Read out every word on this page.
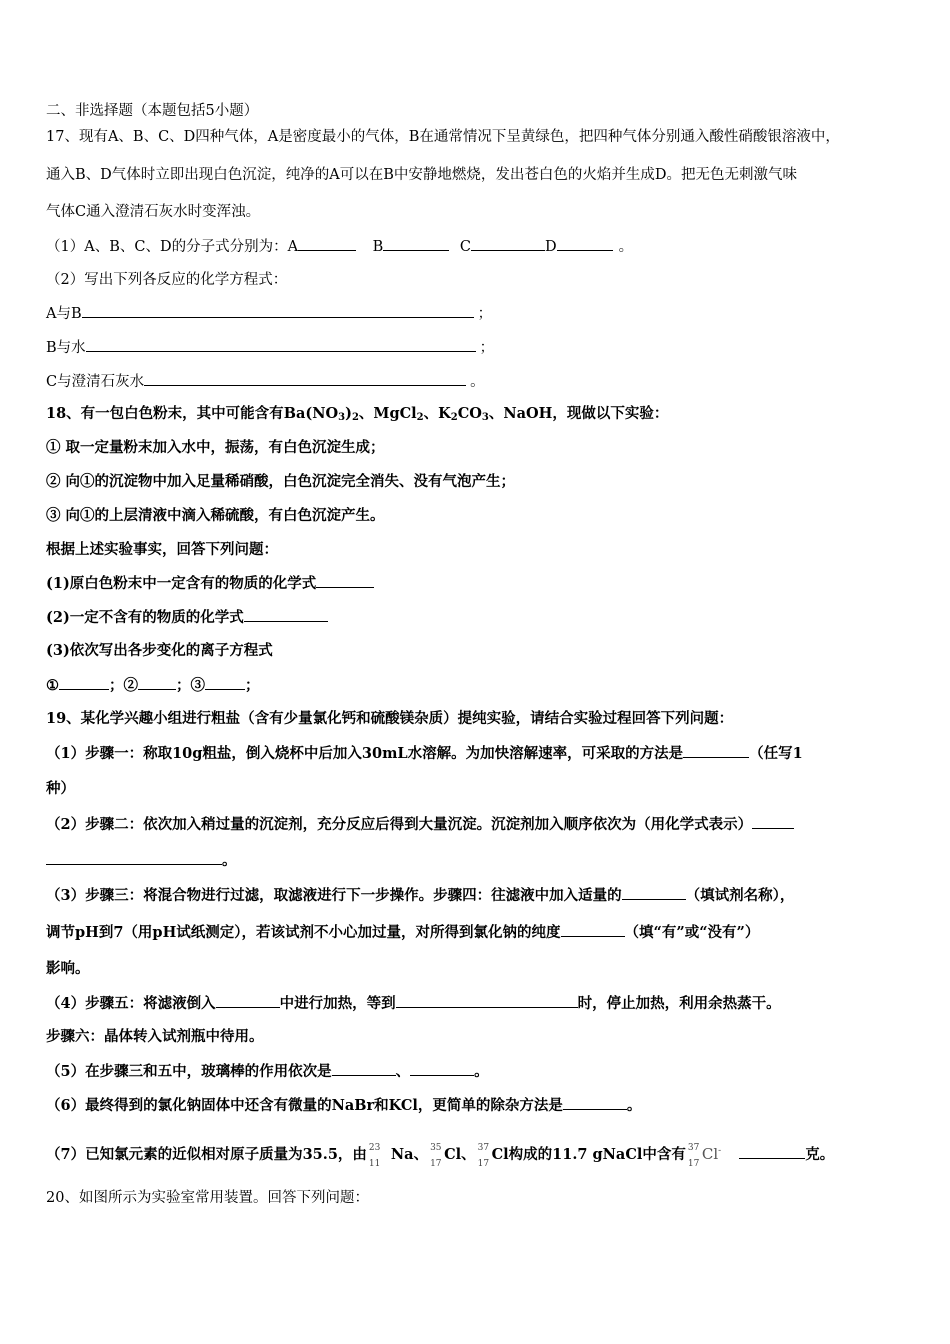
二、非选择题（本题包括5小题）
17、现有A、B、C、D四种气体，A是密度最小的气体，B在通常情况下呈黄绿色，把四种气体分别通入酸性硝酸银溶液中，
通入B、D气体时立即出现白色沉淀，纯净的A可以在B中安静地燃烧，发出苍白色的火焰并生成D。把无色无刺激气味
气体C通入澄清石灰水时变浑浊。
（1）A、B、C、D的分子式分别为：A	B	C	D	。
（2）写出下列各反应的化学方程式：
A与B	；
B与水	；
C与澄清石灰水	。
18、有一包白色粉末，其中可能含有$Ba(NO_3)_2$、MgCl$_2$、$K_2CO_3$、NaOH，现做以下实验：
① 取一定量粉末加入水中，振荡，有白色沉淀生成；
② 向①的沉淀物中加入足量稀硝酸，白色沉淀完全消失、没有气泡产生；
③ 向①的上层清液中滴入稀硫酸，有白色沉淀产生。
根据上述实验事实，回答下列问题：
(1)原白色粉末中一定含有的物质的化学式
(2)一定不含有的物质的化学式
(3)依次写出各步变化的离子方程式
①	；②	；③	；
19、某化学兴趣小组进行粗盐（含有少量氯化钙和硫酸镁杂质）提纯实验，请结合实验过程回答下列问题：
（1）步骤一：称取10g粗盐，倒入烧杯中后加入30mL水溶解。为加快溶解速率，可采取的方法是	（任写1
种）
（2）步骤二：依次加入稍过量的沉淀剂，充分反应后得到大量沉淀。沉淀剂加入顺序依次为（用化学式表示）
。
（3）步骤三：将混合物进行过滤，取滤液进行下一步操作。步骤四：往滤液中加入适量的	（填试剂名称），
调节pH到7（用pH试纸测定），若该试剂不小心加过量，对所得到氯化钠的纯度	（填“有”或“没有”）
影响。
（4）步骤五：将滤液倒入	中进行加热，等到	时，停止加热，利用余热蒸干。
步骤六：晶体转入试剂瓶中待用。
（5）在步骤三和五中，玻璃棒的作用依次是	、	。
（6）最终得到的氯化钠固体中还含有微量的NaBr和KCl，更简单的除杂方法是	。
（7）已知氯元素的近似相对原子质量为35.5，由 23
11
Na、 35
17
Cl、 37
17
Cl构成的11.7 gNaCl中含有 37
17
Cl-	克。
20、如图所示为实验室常用装置。回答下列问题：
